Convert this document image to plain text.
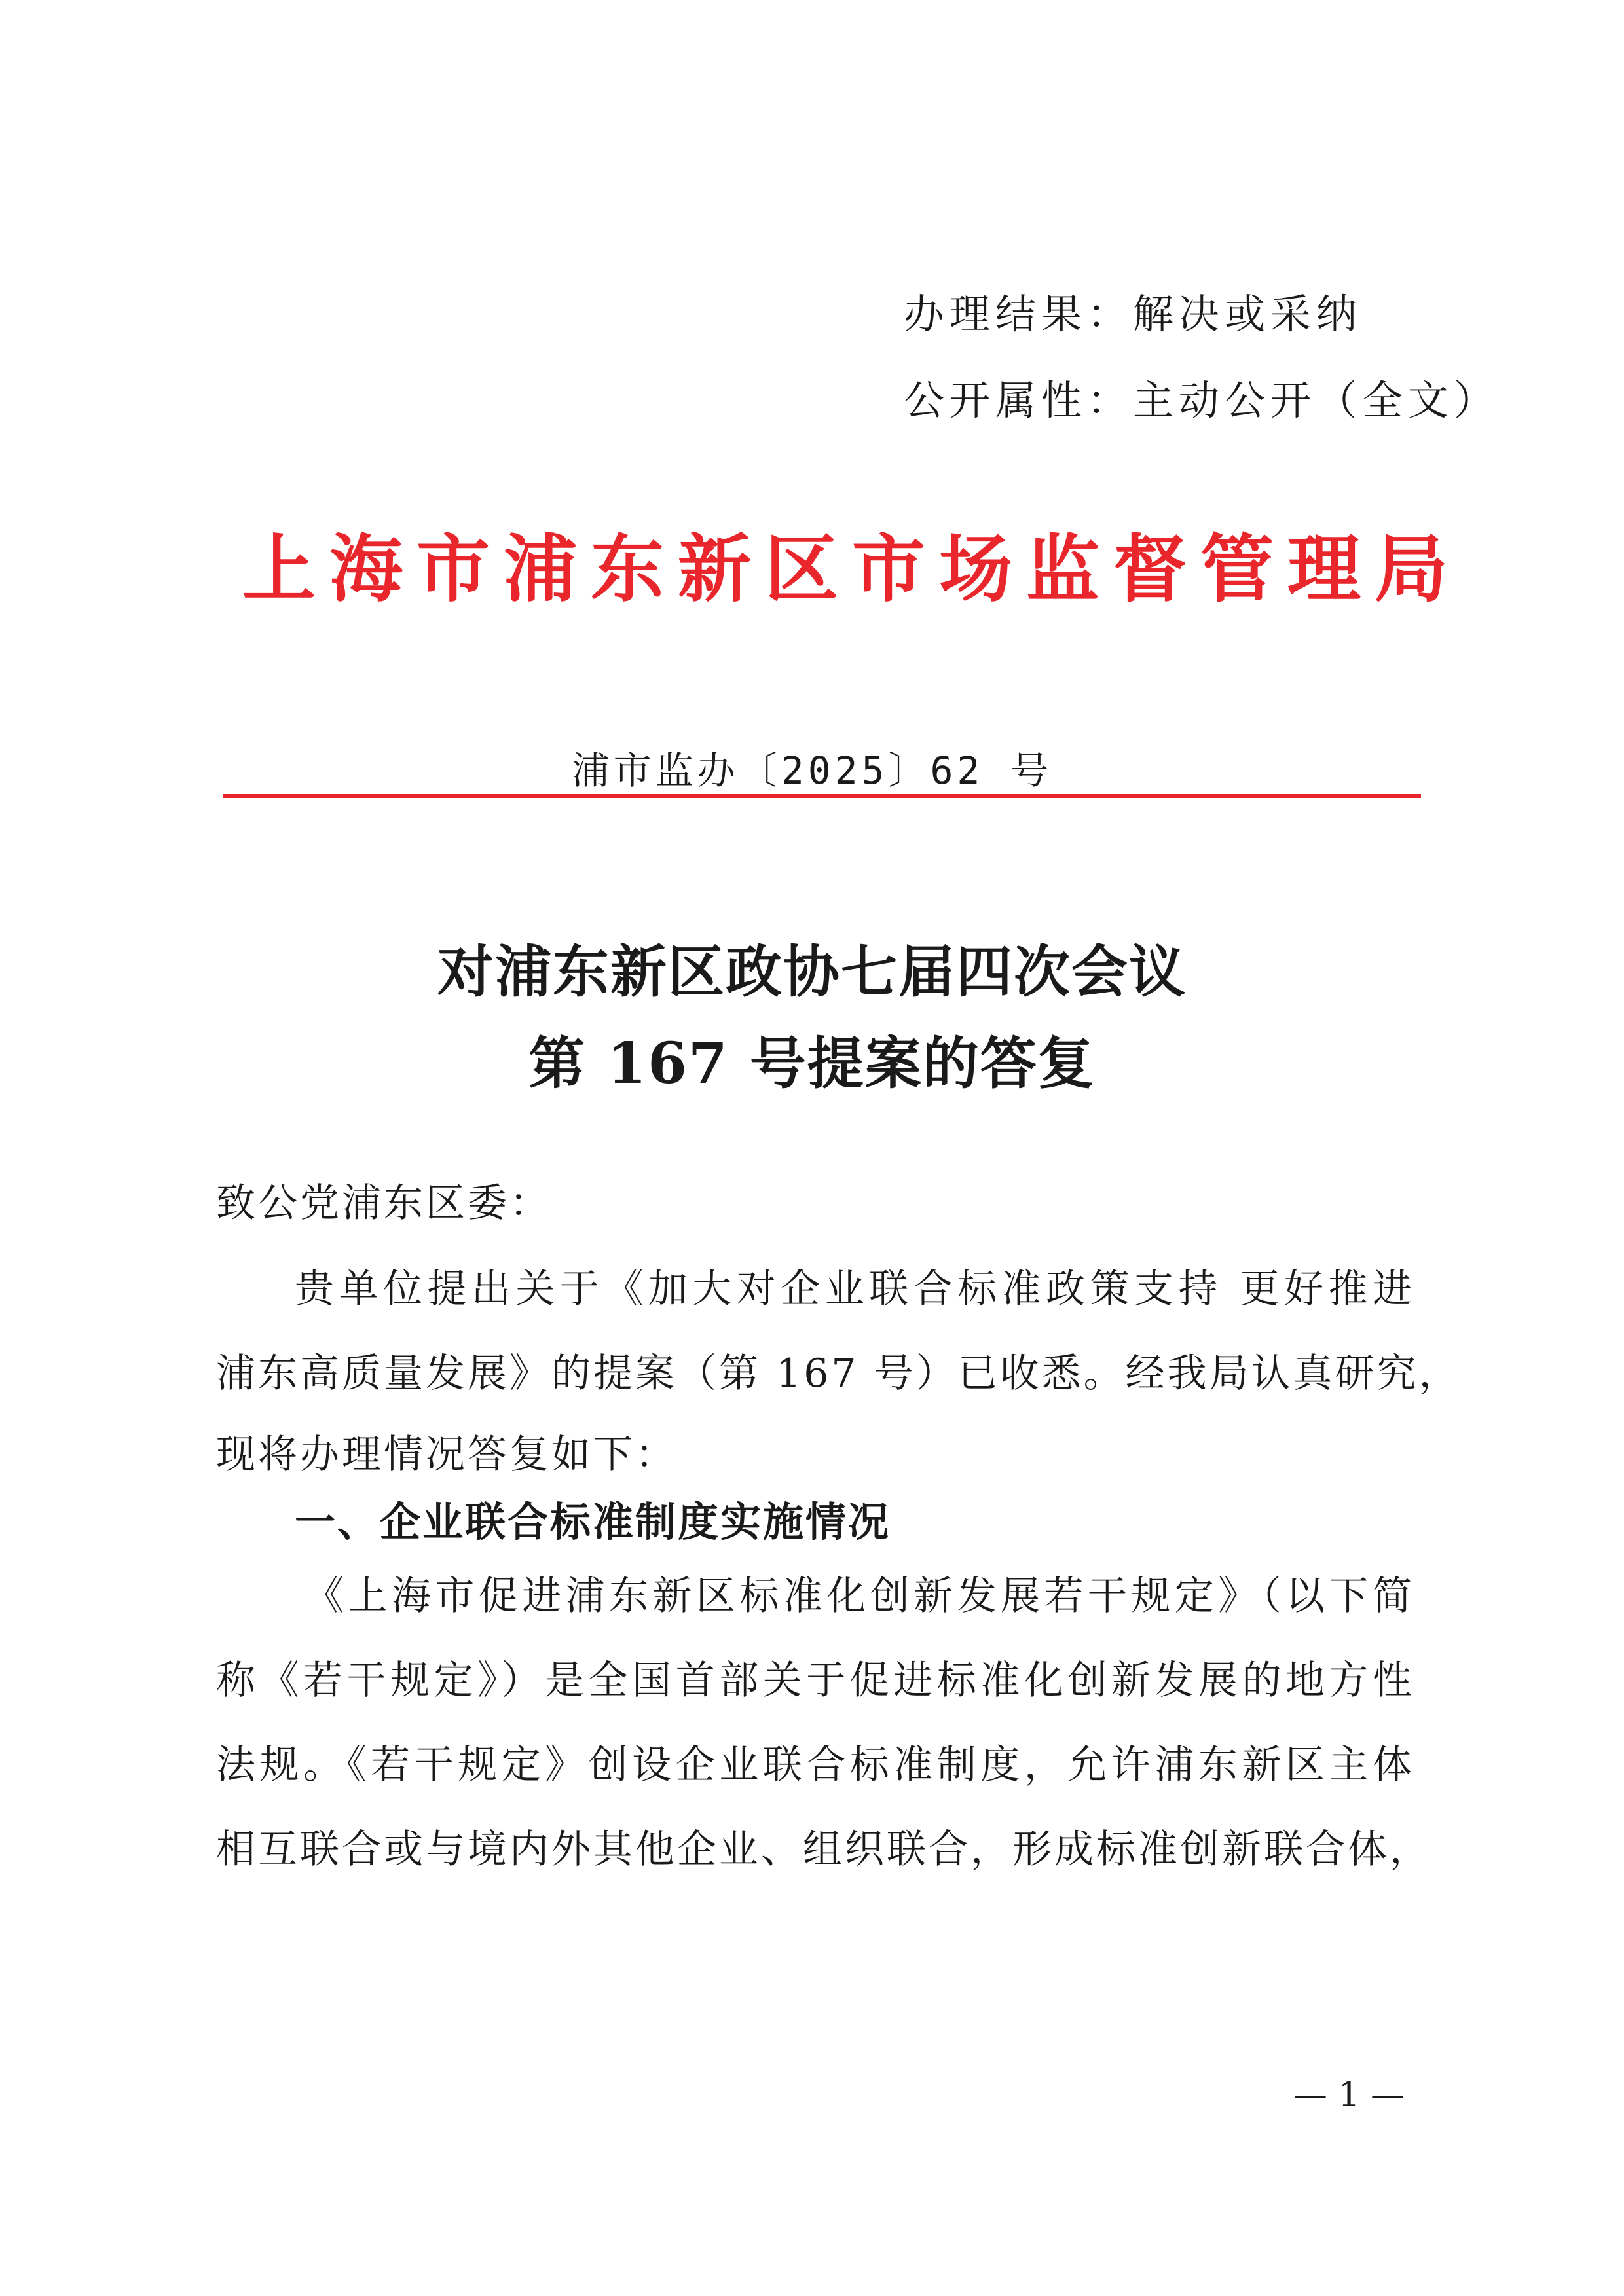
办理结果：解决或采纳
公开属性：主动公开（全文）
上海市浦东新区市场监督管理局
浦市监办〔2025〕62 号
对浦东新区政协七届四次会议
第 167 号提案的答复
致公党浦东区委：
贵单位提出关于《加大对企业联合标准政策支持 更好推进
浦东高质量发展》的提案（第 167 号）已收悉。经我局认真研究，
现将办理情况答复如下：
一、企业联合标准制度实施情况
《上海市促进浦东新区标准化创新发展若干规定》（以下简
称《若干规定》）是全国首部关于促进标准化创新发展的地方性
法规。《若干规定》创设企业联合标准制度，允许浦东新区主体
相互联合或与境内外其他企业、组织联合，形成标准创新联合体，
— 1 —
